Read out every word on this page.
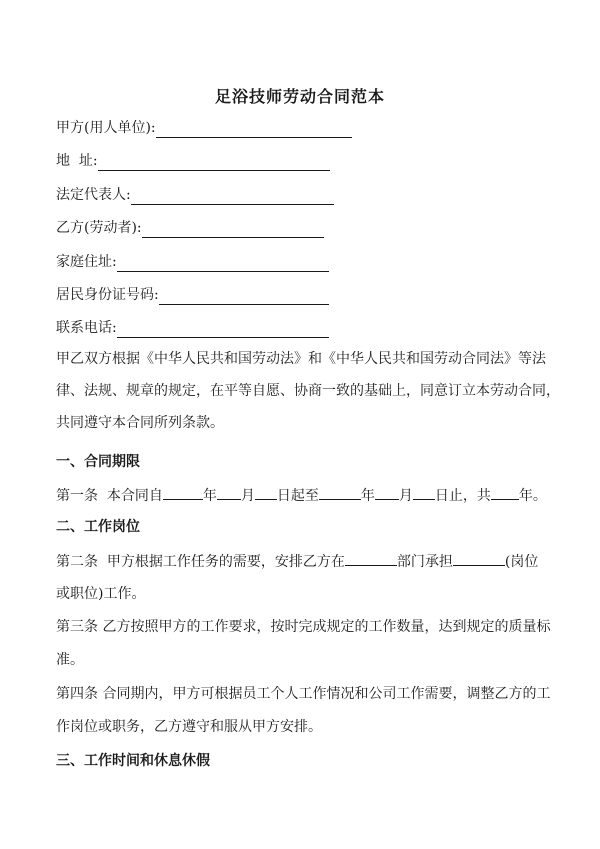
足浴技师劳动合同范本
甲方(用人单位):
地  址:
法定代表人:
乙方(劳动者):
家庭住址:
居民身份证号码:
联系电话:
甲乙双方根据《中华人民共和国劳动法》和《中华人民共和国劳动合同法》等法
律、法规、规章的规定，在平等自愿、协商一致的基础上，同意订立本劳动合同，
共同遵守本合同所列条款。
一、合同期限
第一条  本合同自	年 月 日起至	年 月 日止，共 年。
二、工作岗位
第二条  甲方根据工作任务的需要，安排乙方在	部门承担	(岗位
或职位)工作。
第三条 乙方按照甲方的工作要求，按时完成规定的工作数量，达到规定的质量标
准。
第四条 合同期内，甲方可根据员工个人工作情况和公司工作需要，调整乙方的工
作岗位或职务，乙方遵守和服从甲方安排。
三、工作时间和休息休假
